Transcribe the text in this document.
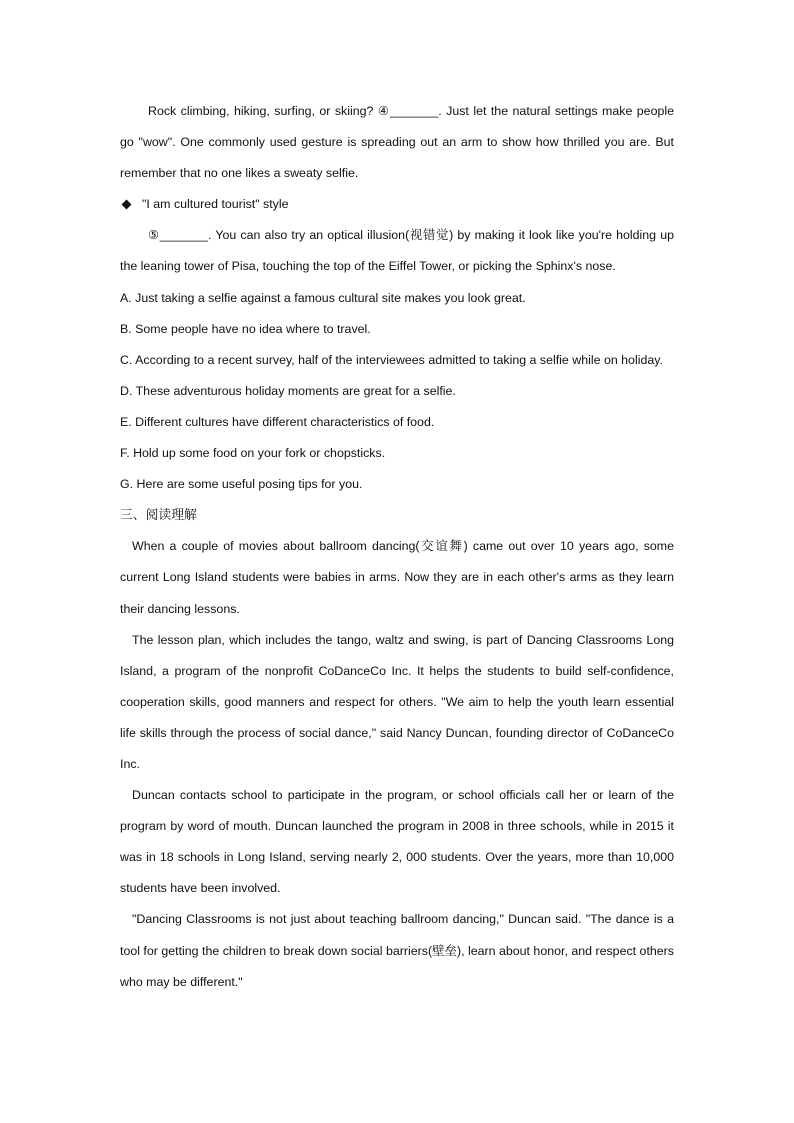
Rock climbing, hiking, surfing, or skiing? ④_______. Just let the natural settings make people go "wow". One commonly used gesture is spreading out an arm to show how thrilled you are. But remember that no one likes a sweaty selfie.

"I am cultured tourist" style

⑤_______. You can also try an optical illusion(视错觉) by making it look like you're holding up the leaning tower of Pisa, touching the top of the Eiffel Tower, or picking the Sphinx's nose.

A. Just taking a selfie against a famous cultural site makes you look great.

B. Some people have no idea where to travel.

C. According to a recent survey, half of the interviewees admitted to taking a selfie while on holiday.

D. These adventurous holiday moments are great for a selfie.

E. Different cultures have different characteristics of food.

F. Hold up some food on your fork or chopsticks.

G. Here are some useful posing tips for you.

三、阅读理解

When a couple of movies about ballroom dancing(交谊舞) came out over 10 years ago, some current Long Island students were babies in arms. Now they are in each other's arms as they learn their dancing lessons.

The lesson plan, which includes the tango, waltz and swing, is part of Dancing Classrooms Long Island, a program of the nonprofit CoDanceCo Inc. It helps the students to build self-confidence, cooperation skills, good manners and respect for others. "We aim to help the youth learn essential life skills through the process of social dance," said Nancy Duncan, founding director of CoDanceCo Inc.

Duncan contacts school to participate in the program, or school officials call her or learn of the program by word of mouth. Duncan launched the program in 2008 in three schools, while in 2015 it was in 18 schools in Long Island, serving nearly 2, 000 students. Over the years, more than 10,000 students have been involved.

"Dancing Classrooms is not just about teaching ballroom dancing," Duncan said. "The dance is a tool for getting the children to break down social barriers(壁垒), learn about honor, and respect others who may be different."
